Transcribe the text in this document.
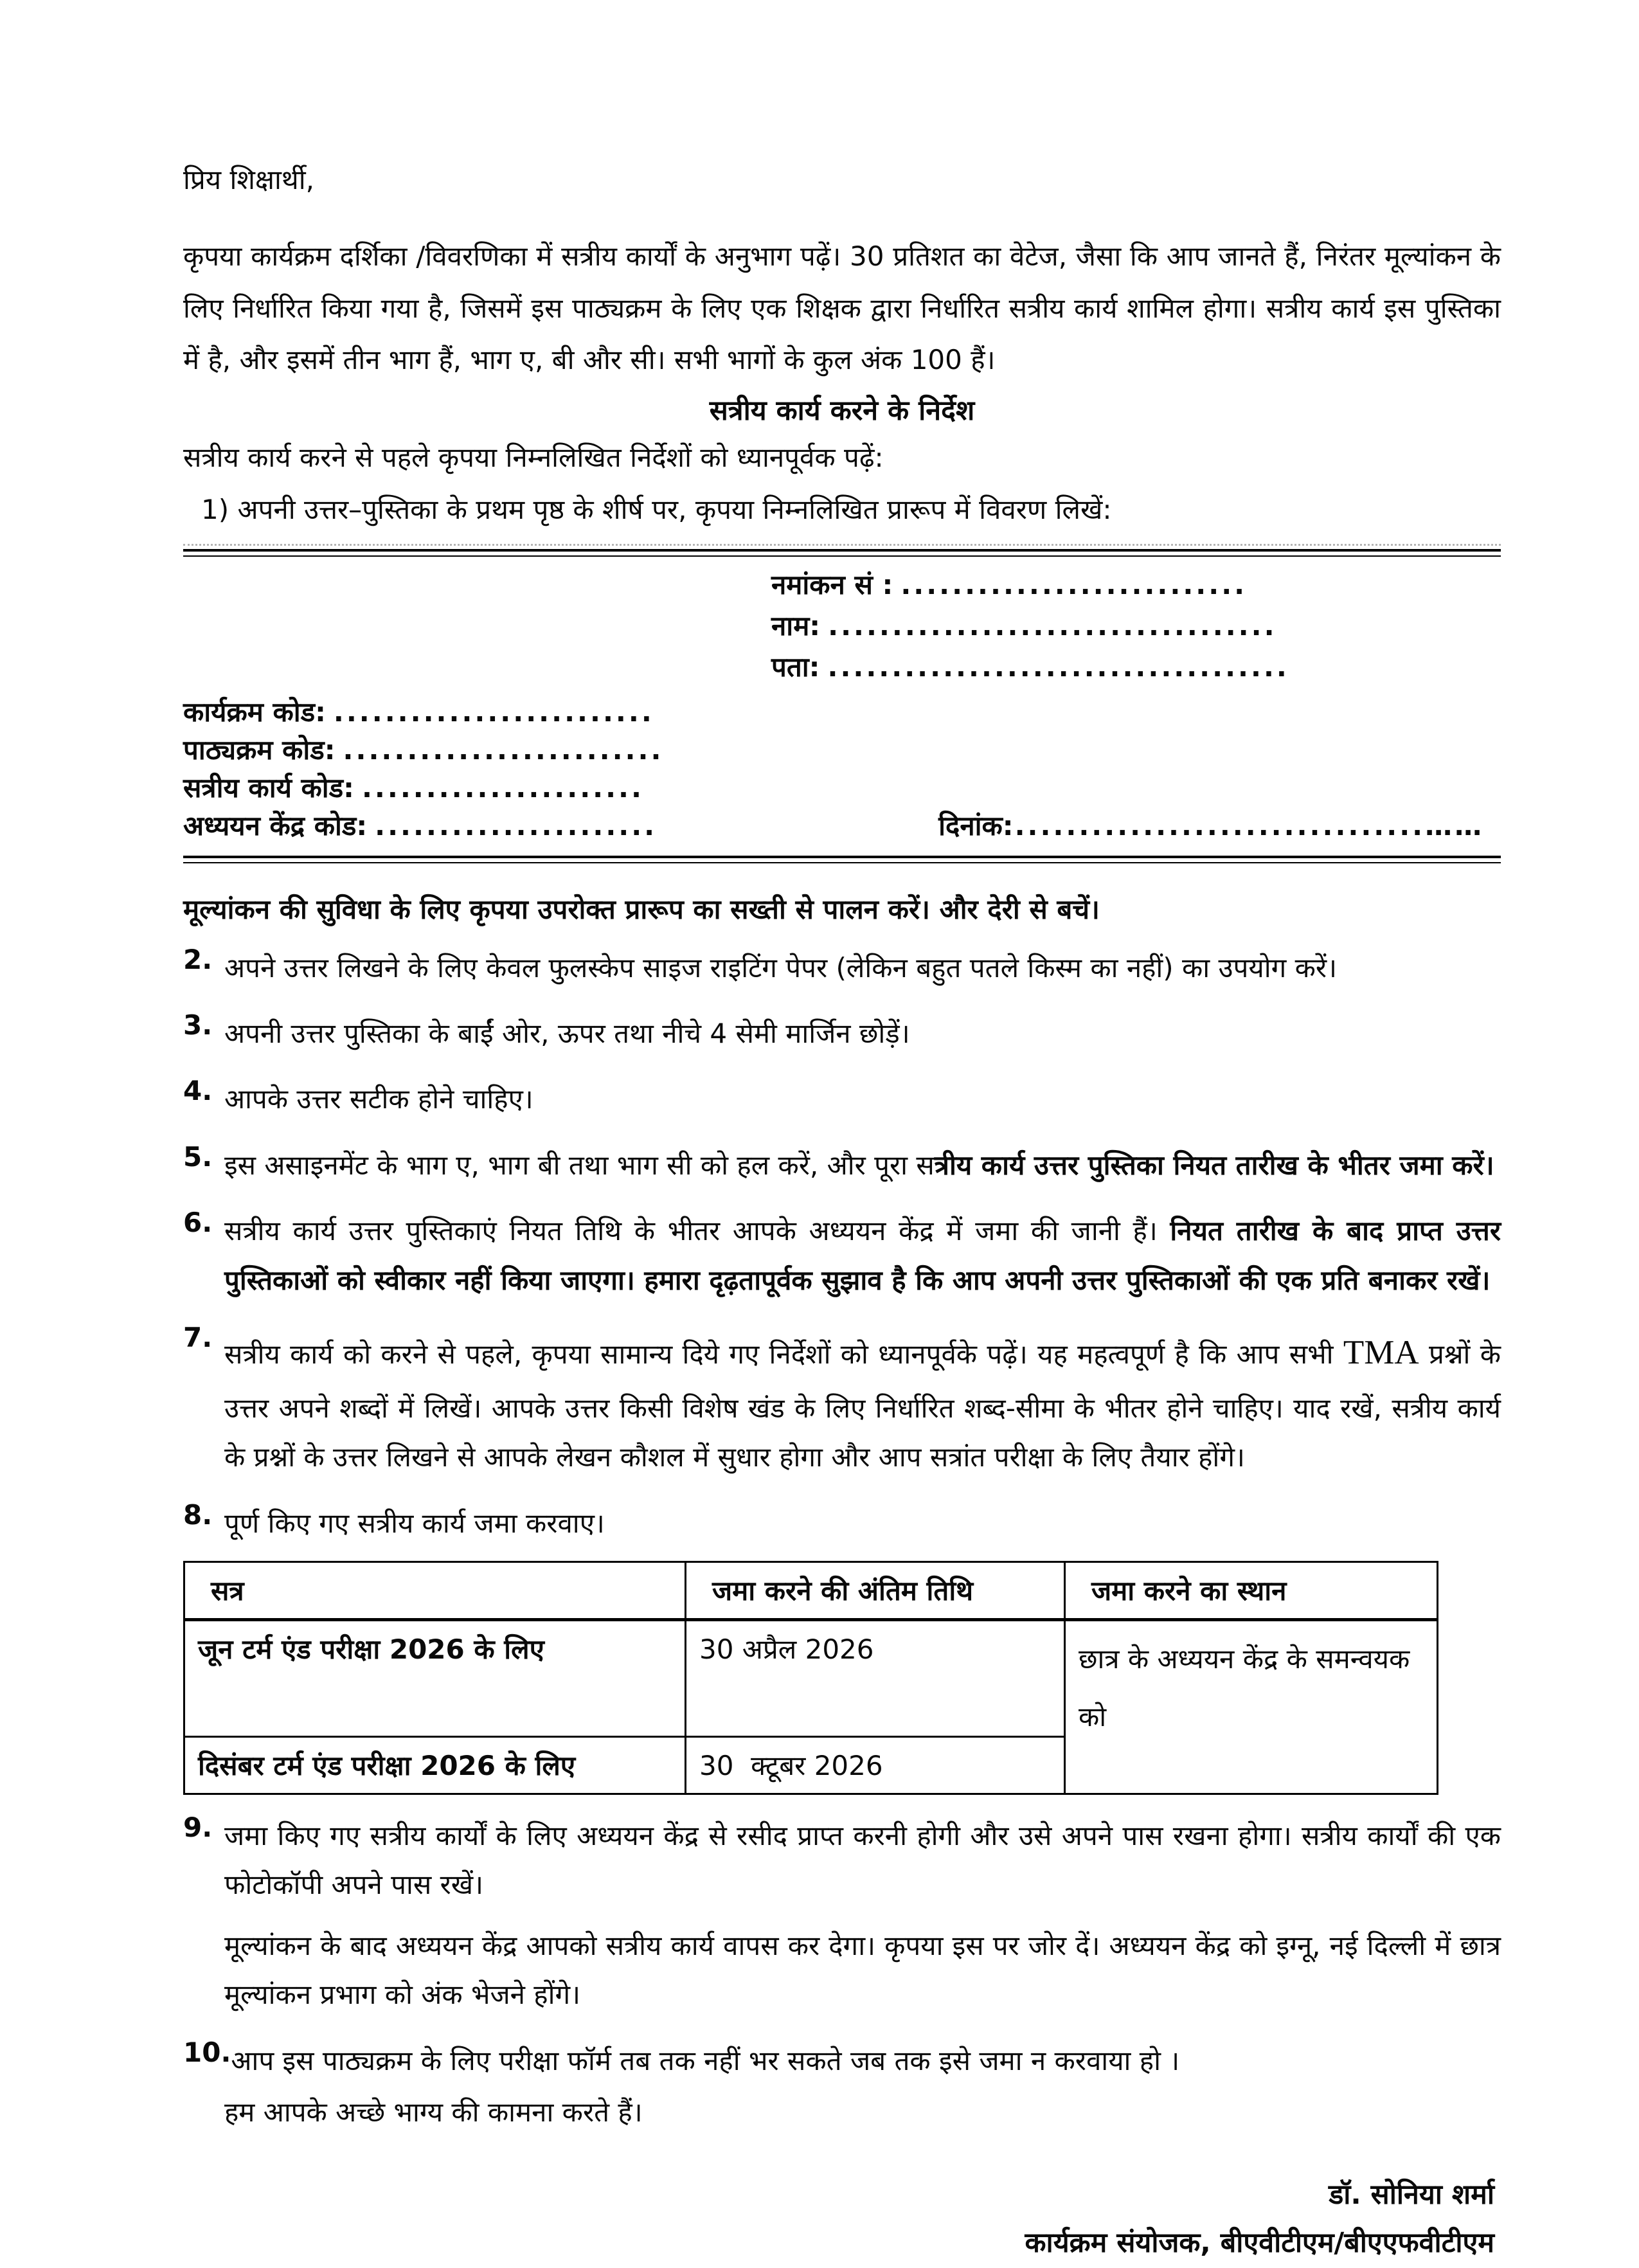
प्रिय शिक्षार्थी,

कृपया कार्यक्रम दर्शिका /विवरणिका में सत्रीय कार्यों के अनुभाग पढ़ें। 30 प्रतिशत का वेटेज, जैसा कि आप जानते हैं, निरंतर मूल्यांकन के लिए निर्धारित किया गया है, जिसमें इस पाठ्यक्रम के लिए एक शिक्षक द्वारा निर्धारित सत्रीय कार्य शामिल होगा। सत्रीय कार्य इस पुस्तिका में है, और इसमें तीन भाग हैं, भाग ए, बी और सी। सभी भागों के कुल अंक 100 हैं।

सत्रीय कार्य करने के निर्देश
सत्रीय कार्य करने से पहले कृपया निम्नलिखित निर्देशों को ध्यानपूर्वक पढ़ें:
1) अपनी उत्तर–पुस्तिका के प्रथम पृष्ठ के शीर्ष पर, कृपया निम्नलिखित प्रारूप में विवरण लिखें:
नमांकन सं : ...........................
नाम: ...................................
पता: ....................................
कार्यक्रम कोड: .........................
पाठ्यक्रम कोड: .........................
सत्रीय कार्य कोड: ......................
अध्ययन केंद्र कोड: ......................	दिनांक:................................……
मूल्यांकन की सुविधा के लिए कृपया उपरोक्त प्रारूप का सख्ती से पालन करें। और देरी से बचें।
2. अपने उत्तर लिखने के लिए केवल फुलस्केप साइज राइटिंग पेपर (लेकिन बहुत पतले किस्म का नहीं) का उपयोग करें।
3. अपनी उत्तर पुस्तिका के बाईं ओर, ऊपर तथा नीचे 4 सेमी मार्जिन छोड़ें।
4. आपके उत्तर सटीक होने चाहिए।
5. इस असाइनमेंट के भाग ए, भाग बी तथा भाग सी को हल करें, और पूरा सत्रीय कार्य उत्तर पुस्तिका नियत तारीख के भीतर जमा करें।
6. सत्रीय कार्य उत्तर पुस्तिकाएं नियत तिथि के भीतर आपके अध्ययन केंद्र में जमा की जानी हैं। नियत तारीख के बाद प्राप्त उत्तर पुस्तिकाओं को स्वीकार नहीं किया जाएगा। हमारा दृढ़तापूर्वक सुझाव है कि आप अपनी उत्तर पुस्तिकाओं की एक प्रति बनाकर रखें।
7.
सत्रीय कार्य को करने से पहले, कृपया सामान्य दिये गए निर्देशों को ध्यानपूर्वके पढ़ें। यह महत्वपूर्ण है कि आप सभी TMA प्रश्नों के उत्तर अपने शब्दों में लिखें। आपके उत्तर किसी विशेष खंड के लिए निर्धारित शब्द-सीमा के भीतर होने चाहिए। याद रखें, सत्रीय कार्य के प्रश्नों के उत्तर लिखने से आपके लेखन कौशल में सुधार होगा और आप सत्रांत परीक्षा के लिए तैयार होंगे।
8. पूर्ण किए गए सत्रीय कार्य जमा करवाए।
सत्र	जमा करने की अंतिम तिथि	जमा करने का स्थान
जून टर्म एंड परीक्षा 2026 के लिए	30 अप्रैल 2026	छात्र के अध्ययन केंद्र के समन्वयक को
दिसंबर टर्म एंड परीक्षा 2026 के लिए	30  क्टूबर 2026	
9. जमा किए गए सत्रीय कार्यों के लिए अध्ययन केंद्र से रसीद प्राप्त करनी होगी और उसे अपने पास रखना होगा। सत्रीय कार्यों की एक फोटोकॉपी अपने पास रखें।

मूल्यांकन के बाद अध्ययन केंद्र आपको सत्रीय कार्य वापस कर देगा। कृपया इस पर जोर दें। अध्ययन केंद्र को इग्नू, नई दिल्ली में छात्र मूल्यांकन प्रभाग को अंक भेजने होंगे।

10. आप इस पाठ्यक्रम के लिए परीक्षा फॉर्म तब तक नहीं भर सकते जब तक इसे जमा न करवाया हो ।
हम आपके अच्छे भाग्य की कामना करते हैं।
डॉ. सोनिया शर्मा
कार्यक्रम संयोजक, बीएवीटीएम/बीएएफवीटीएम
